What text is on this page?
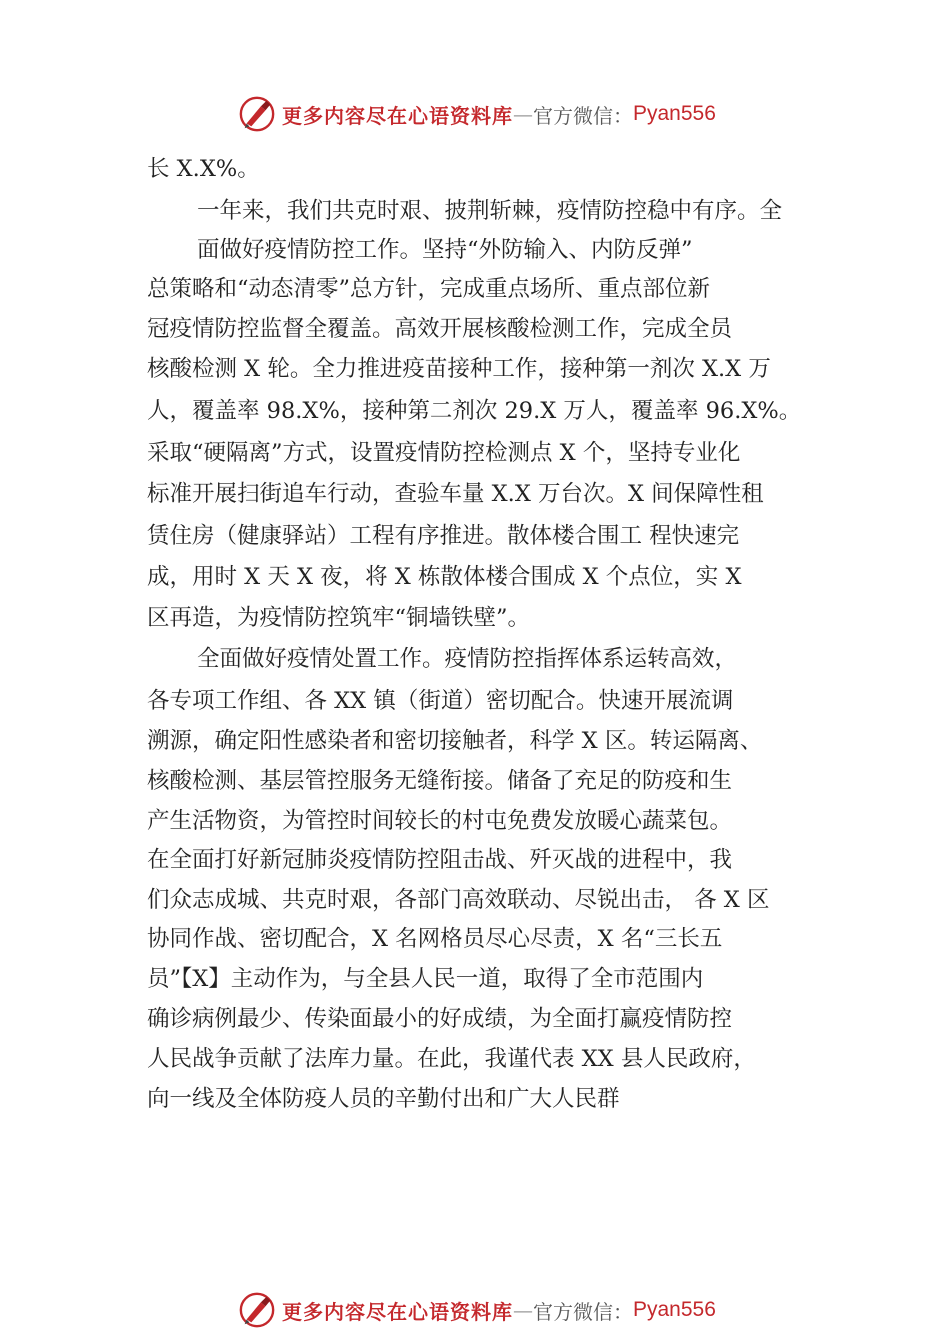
更多内容尽在心语资料库 — 官方微信： Pyan556
长 X.X%。
一年来，我们共克时艰、披荆斩棘，疫情防控稳中有序。全
面做好疫情防控工作。坚持“外防输入、内防反弹”
总策略和“动态清零”总方针，完成重点场所、重点部位新
冠疫情防控监督全覆盖。高效开展核酸检测工作，完成全员
核酸检测 X 轮。全力推进疫苗接种工作，接种第一剂次 X.X 万
人，覆盖率 98.X%，接种第二剂次 29.X 万人，覆盖率 96.X%。
采取“硬隔离”方式，设置疫情防控检测点 X 个，坚持专业化
标准开展扫街追车行动，查验车量 X.X 万台次。X 间保障性租
赁住房（健康驿站）工程有序推进。散体楼合围工 程快速完
成，用时 X 天 X 夜，将 X 栋散体楼合围成 X 个点位，实 X
区再造，为疫情防控筑牢“铜墙铁壁”。
全面做好疫情处置工作。疫情防控指挥体系运转高效，
各专项工作组、各 XX 镇（街道）密切配合。快速开展流调
溯源，确定阳性感染者和密切接触者，科学 X 区。转运隔离、
核酸检测、基层管控服务无缝衔接。储备了充足的防疫和生
产生活物资，为管控时间较长的村屯免费发放暖心蔬菜包。
在全面打好新冠肺炎疫情防控阻击战、歼灭战的进程中，我
们众志成城、共克时艰，各部门高效联动、尽锐出击， 各 X 区
协同作战、密切配合，X 名网格员尽心尽责，X 名“三长五
员”【X】主动作为，与全县人民一道，取得了全市范围内
确诊病例最少、传染面最小的好成绩，为全面打赢疫情防控
人民战争贡献了法库力量。在此，我谨代表 XX 县人民政府，
向一线及全体防疫人员的辛勤付出和广大人民群
更多内容尽在心语资料库 — 官方微信： Pyan556
